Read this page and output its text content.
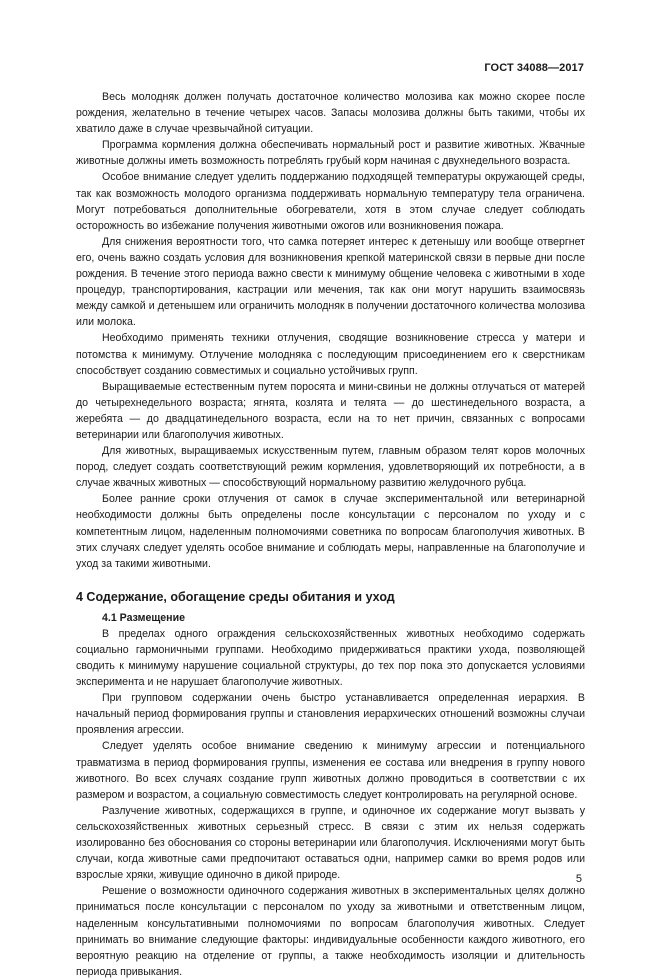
ГОСТ 34088—2017

Весь молодняк должен получать достаточное количество молозива как можно скорее после рождения, желательно в течение четырех часов. Запасы молозива должны быть такими, чтобы их хватило даже в случае чрезвычайной ситуации.

Программа кормления должна обеспечивать нормальный рост и развитие животных. Жвачные животные должны иметь возможность потреблять грубый корм начиная с двухнедельного возраста.

Особое внимание следует уделить поддержанию подходящей температуры окружающей среды, так как возможность молодого организма поддерживать нормальную температуру тела ограничена. Могут потребоваться дополнительные обогреватели, хотя в этом случае следует соблюдать осторожность во избежание получения животными ожогов или возникновения пожара.

Для снижения вероятности того, что самка потеряет интерес к детенышу или вообще отвергнет его, очень важно создать условия для возникновения крепкой материнской связи в первые дни после рождения. В течение этого периода важно свести к минимуму общение человека с животными в ходе процедур, транспортирования, кастрации или мечения, так как они могут нарушить взаимосвязь между самкой и детенышем или ограничить молодняк в получении достаточного количества молозива или молока.

Необходимо применять техники отлучения, сводящие возникновение стресса у матери и потомства к минимуму. Отлучение молодняка с последующим присоединением его к сверстникам способствует созданию совместимых и социально устойчивых групп.

Выращиваемые естественным путем поросята и мини-свиньи не должны отлучаться от матерей до четырехнедельного возраста; ягнята, козлята и телята — до шестинедельного возраста, а жеребята — до двадцатинедельного возраста, если на то нет причин, связанных с вопросами ветеринарии или благополучия животных.

Для животных, выращиваемых искусственным путем, главным образом телят коров молочных пород, следует создать соответствующий режим кормления, удовлетворяющий их потребности, а в случае жвачных животных — способствующий нормальному развитию желудочного рубца.

Более ранние сроки отлучения от самок в случае экспериментальной или ветеринарной необходимости должны быть определены после консультации с персоналом по уходу и с компетентным лицом, наделенным полномочиями советника по вопросам благополучия животных. В этих случаях следует уделять особое внимание и соблюдать меры, направленные на благополучие и уход за такими животными.

4 Содержание, обогащение среды обитания и уход

4.1 Размещение

В пределах одного ограждения сельскохозяйственных животных необходимо содержать социально гармоничными группами. Необходимо придерживаться практики ухода, позволяющей сводить к минимуму нарушение социальной структуры, до тех пор пока это допускается условиями эксперимента и не нарушает благополучие животных.

При групповом содержании очень быстро устанавливается определенная иерархия. В начальный период формирования группы и становления иерархических отношений возможны случаи проявления агрессии.

Следует уделять особое внимание сведению к минимуму агрессии и потенциального травматизма в период формирования группы, изменения ее состава или внедрения в группу нового животного. Во всех случаях создание групп животных должно проводиться в соответствии с их размером и возрастом, а социальную совместимость следует контролировать на регулярной основе.

Разлучение животных, содержащихся в группе, и одиночное их содержание могут вызвать у сельскохозяйственных животных серьезный стресс. В связи с этим их нельзя содержать изолированно без обоснования со стороны ветеринарии или благополучия. Исключениями могут быть случаи, когда животные сами предпочитают оставаться одни, например самки во время родов или взрослые хряки, живущие одиночно в дикой природе.

Решение о возможности одиночного содержания животных в экспериментальных целях должно приниматься после консультации с персоналом по уходу за животными и ответственным лицом, наделенным консультативными полномочиями по вопросам благополучия животных. Следует принимать во внимание следующие факторы: индивидуальные особенности каждого животного, его вероятную реакцию на отделение от группы, а также необходимость изоляции и длительность периода привыкания.

5
